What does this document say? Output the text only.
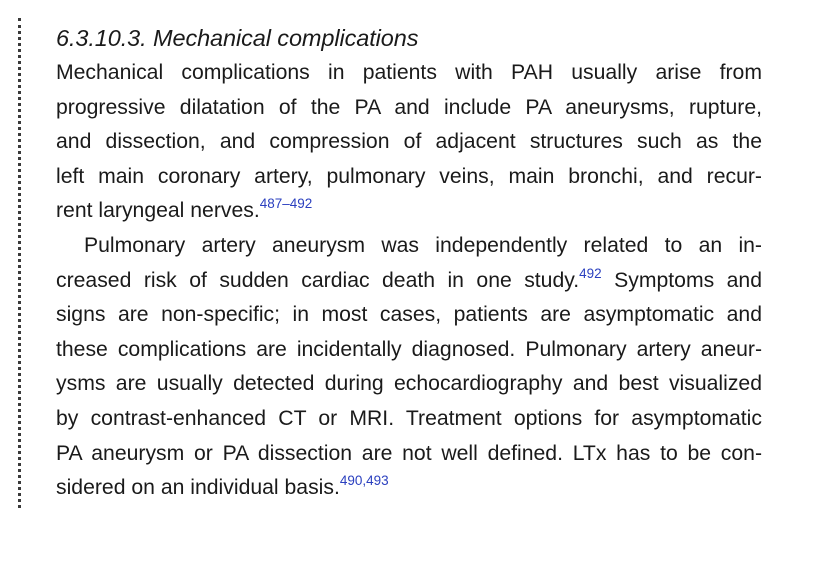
6.3.10.3. Mechanical complications

Mechanical complications in patients with PAH usually arise from
progressive dilatation of the PA and include PA aneurysms, rupture,
and dissection, and compression of adjacent structures such as the
left main coronary artery, pulmonary veins, main bronchi, and recur-
rent laryngeal nerves.$^{487-492}$

Pulmonary artery aneurysm was independently related to an in-
creased risk of sudden cardiac death in one study.$^{492}$ Symptoms and
signs are non-specific; in most cases, patients are asymptomatic and
these complications are incidentally diagnosed. Pulmonary artery aneur-
ysms are usually detected during echocardiography and best visualized
by contrast-enhanced CT or MRI. Treatment options for asymptomatic
PA aneurysm or PA dissection are not well defined. LTx has to be con-
sidered on an individual basis.$^{490,493}$
